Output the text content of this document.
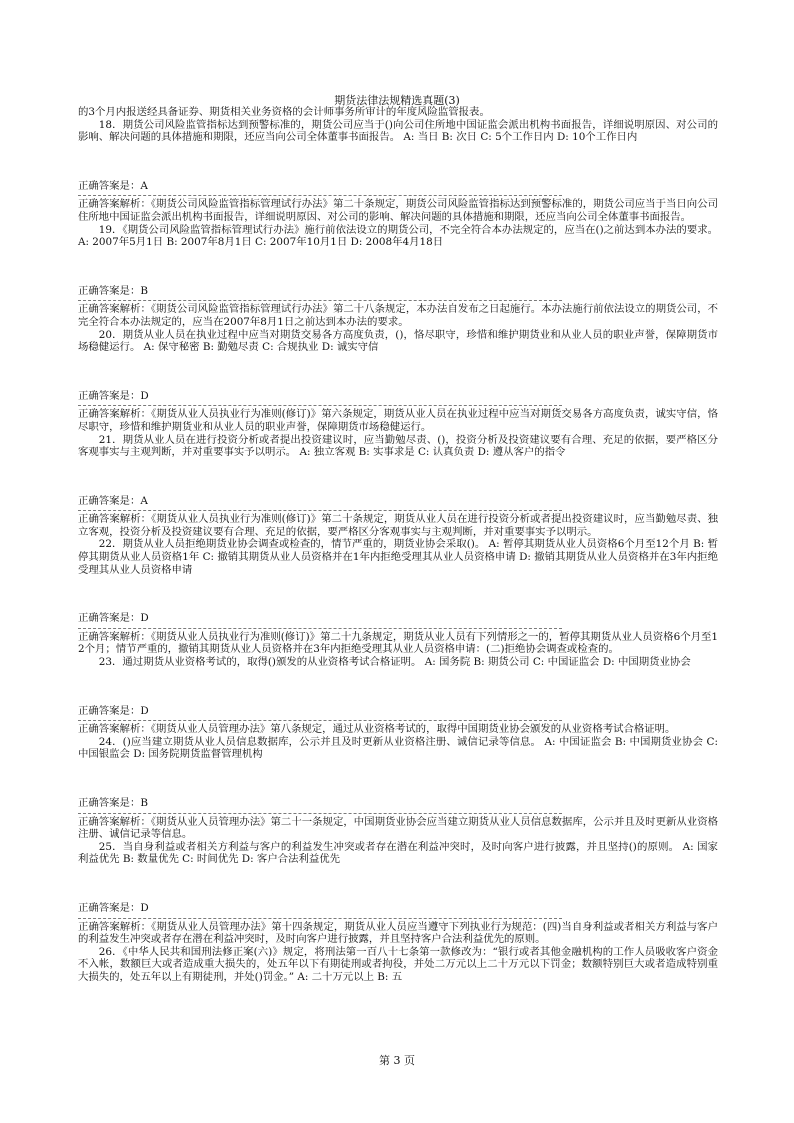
期货法律法规精选真题(3)

的3个月内报送经具备证券、期货相关业务资格的会计师事务所审计的年度风险监管报表。

18．期货公司风险监管指标达到预警标准的，期货公司应当于()向公司住所地中国证监会派出机构书面报告，详细说明原因、对公司的影响、解决问题的具体措施和期限，还应当向公司全体董事书面报告。 A: 当日 B: 次日 C: 5个工作日内 D: 10个工作日内

正确答案是：A

正确答案解析：《期货公司风险监管指标管理试行办法》第二十条规定，期货公司风险监管指标达到预警标准的，期货公司应当于当日向公司住所地中国证监会派出机构书面报告，详细说明原因、对公司的影响、解决问题的具体措施和期限，还应当向公司全体董事书面报告。

19．《期货公司风险监管指标管理试行办法》施行前依法设立的期货公司，不完全符合本办法规定的，应当在()之前达到本办法的要求。 A: 2007年5月1日 B: 2007年8月1日 C: 2007年10月1日 D: 2008年4月18日

正确答案是：B

正确答案解析：《期货公司风险监管指标管理试行办法》第二十八条规定，本办法自发布之日起施行。本办法施行前依法设立的期货公司，不完全符合本办法规定的，应当在2007年8月1日之前达到本办法的要求。

20．期货从业人员在执业过程中应当对期货交易各方高度负责，()，恪尽职守，珍惜和维护期货业和从业人员的职业声誉，保障期货市场稳健运行。 A: 保守秘密 B: 勤勉尽责 C: 合规执业 D: 诚实守信

正确答案是：D

正确答案解析：《期货从业人员执业行为准则(修订)》第六条规定，期货从业人员在执业过程中应当对期货交易各方高度负责，诚实守信，恪尽职守，珍惜和维护期货业和从业人员的职业声誉，保障期货市场稳健运行。

21．期货从业人员在进行投资分析或者提出投资建议时，应当勤勉尽责、()，投资分析及投资建议要有合理、充足的依据，要严格区分客观事实与主观判断，并对重要事实予以明示。 A: 独立客观 B: 实事求是 C: 认真负责 D: 遵从客户的指令

正确答案是：A

正确答案解析：《期货从业人员执业行为准则(修订)》第二十条规定，期货从业人员在进行投资分析或者提出投资建议时，应当勤勉尽责、独立客观，投资分析及投资建议要有合理、充足的依据，要严格区分客观事实与主观判断，并对重要事实予以明示。

22．期货从业人员拒绝期货业协会调查或检查的，情节严重的，期货业协会采取()。 A: 暂停其期货从业人员资格6个月至12个月 B: 暂停其期货从业人员资格1年 C: 撤销其期货从业人员资格并在1年内拒绝受理其从业人员资格申请 D: 撤销其期货从业人员资格并在3年内拒绝受理其从业人员资格申请

正确答案是：D

正确答案解析：《期货从业人员执业行为准则(修订)》第二十九条规定，期货从业人员有下列情形之一的，暂停其期货从业人员资格6个月至12个月；情节严重的，撤销其期货从业人员资格并在3年内拒绝受理其从业人员资格申请：(二)拒绝协会调查或检查的。

23．通过期货从业资格考试的，取得()颁发的从业资格考试合格证明。 A: 国务院 B: 期货公司 C: 中国证监会 D: 中国期货业协会

正确答案是：D

正确答案解析：《期货从业人员管理办法》第八条规定，通过从业资格考试的，取得中国期货业协会颁发的从业资格考试合格证明。

24．()应当建立期货从业人员信息数据库，公示并且及时更新从业资格注册、诚信记录等信息。 A: 中国证监会 B: 中国期货业协会 C: 中国银监会 D: 国务院期货监督管理机构

正确答案是：B

正确答案解析：《期货从业人员管理办法》第二十一条规定，中国期货业协会应当建立期货从业人员信息数据库，公示并且及时更新从业资格注册、诚信记录等信息。

25．当自身利益或者相关方利益与客户的利益发生冲突或者存在潜在利益冲突时，及时向客户进行披露，并且坚持()的原则。 A: 国家利益优先 B: 数量优先 C: 时间优先 D: 客户合法利益优先

正确答案是：D

正确答案解析：《期货从业人员管理办法》第十四条规定，期货从业人员应当遵守下列执业行为规范：(四)当自身利益或者相关方利益与客户的利益发生冲突或者存在潜在利益冲突时，及时向客户进行披露，并且坚持客户合法利益优先的原则。

26．《中华人民共和国刑法修正案(六)》规定，将刑法第一百八十七条第一款修改为：“银行或者其他金融机构的工作人员吸收客户资金不入帐，数额巨大或者造成重大损失的，处五年以下有期徒刑或者拘役，并处二万元以上二十万元以下罚金；数额特别巨大或者造成特别重大损失的，处五年以上有期徒刑，并处()罚金。” A: 二十万元以上 B: 五

第 3 页
